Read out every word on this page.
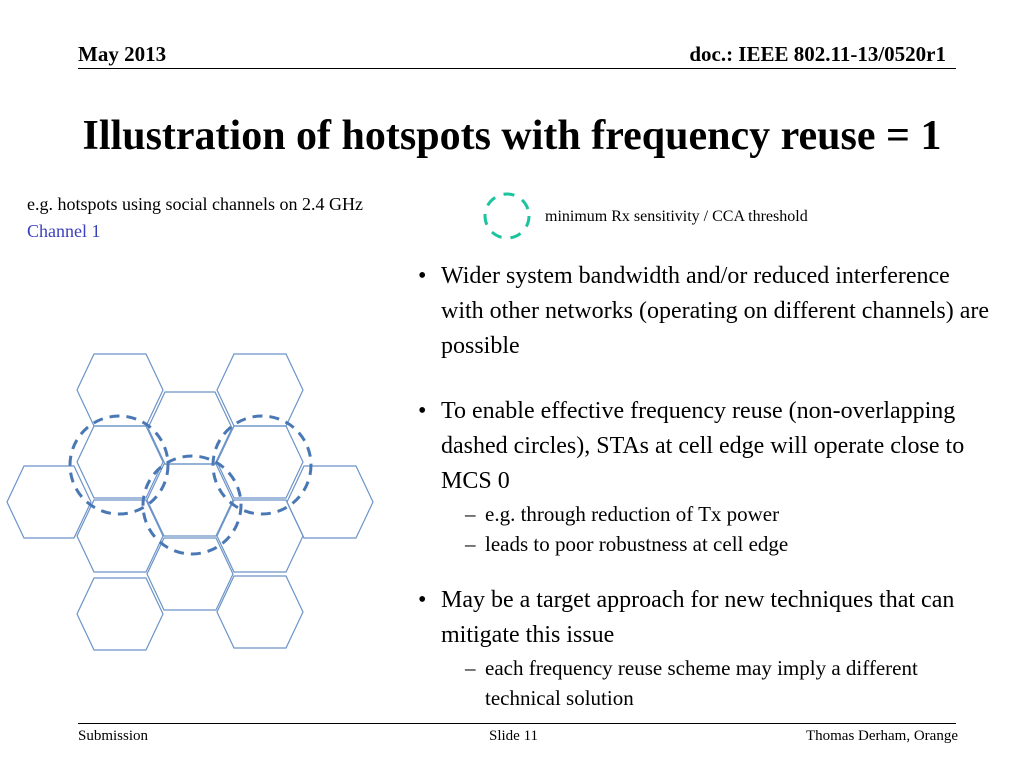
May 2013	doc.: IEEE 802.11-13/0520r1
Illustration of hotspots with frequency reuse = 1
e.g. hotspots using social channels on 2.4 GHz
Channel 1
minimum Rx sensitivity / CCA threshold
• Wider system bandwidth and/or reduced interference with other networks (operating on different channels) are possible
• To enable effective frequency reuse (non-overlapping dashed circles), STAs at cell edge will operate close to MCS 0
– e.g. through reduction of Tx power
– leads to poor robustness at cell edge
• May be a target approach for new techniques that can mitigate this issue
– each frequency reuse scheme may imply a different technical solution
Submission	Slide 11	Thomas Derham, Orange
